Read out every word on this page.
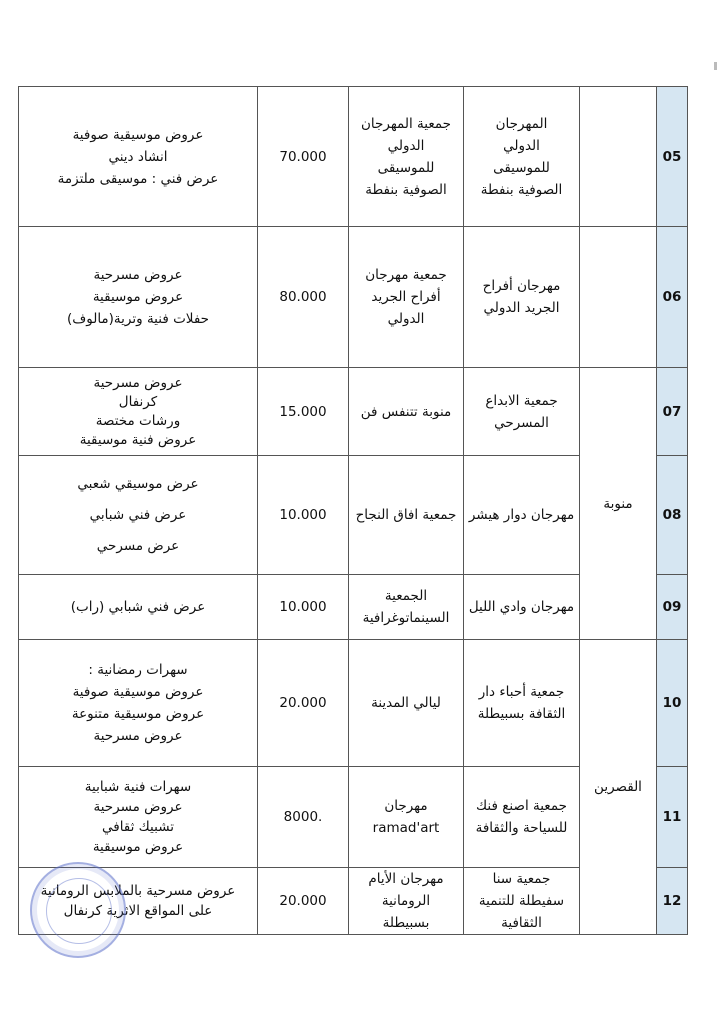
05		المهرجان الدولي للموسيقى الصوفية بنفطة	جمعية المهرجان الدولي للموسيقى الصوفية بنفطة	70.000	عروض موسيقية صوفية
انشاد ديني
عرض فني : موسيقى ملتزمة

06		مهرجان أفراح الجريد الدولي	جمعية مهرجان أفراح الجريد الدولي	80.000	عروض مسرحية
عروض موسيقية
حفلات فنية وترية(مالوف)

07	منوبة	جمعية الابداع المسرحي	منوبة تتنفس فن	15.000	عروض مسرحية
كرنفال
ورشات مختصة
عروض فنية موسيقية

08		مهرجان دوار هيشر	جمعية افاق النجاح	10.000	عرض موسيقي شعبي
عرض فني شبابي
عرض مسرحي

09		مهرجان وادي الليل	الجمعية السينماتوغرافية	10.000	عرض فني شبابي (راب)

10	القصرين	جمعية أحباء دار الثقافة بسبيطلة	ليالي المدينة	20.000	سهرات رمضانية :
عروض موسيقية صوفية
عروض موسيقية متنوعة
عروض مسرحية

11		جمعية اصنع فنك للسياحة والثقافة	مهرجان ramad'art	8000.	سهرات فنية شبابية
عروض مسرحية
تشبيك ثقافي
عروض موسيقية

12		جمعية سنا سفيطلة للتنمية الثقافية	مهرجان الأيام الرومانية بسبيطلة	20.000	عروض مسرحية بالملابس الرومانية على المواقع الاثرية كرنفال
